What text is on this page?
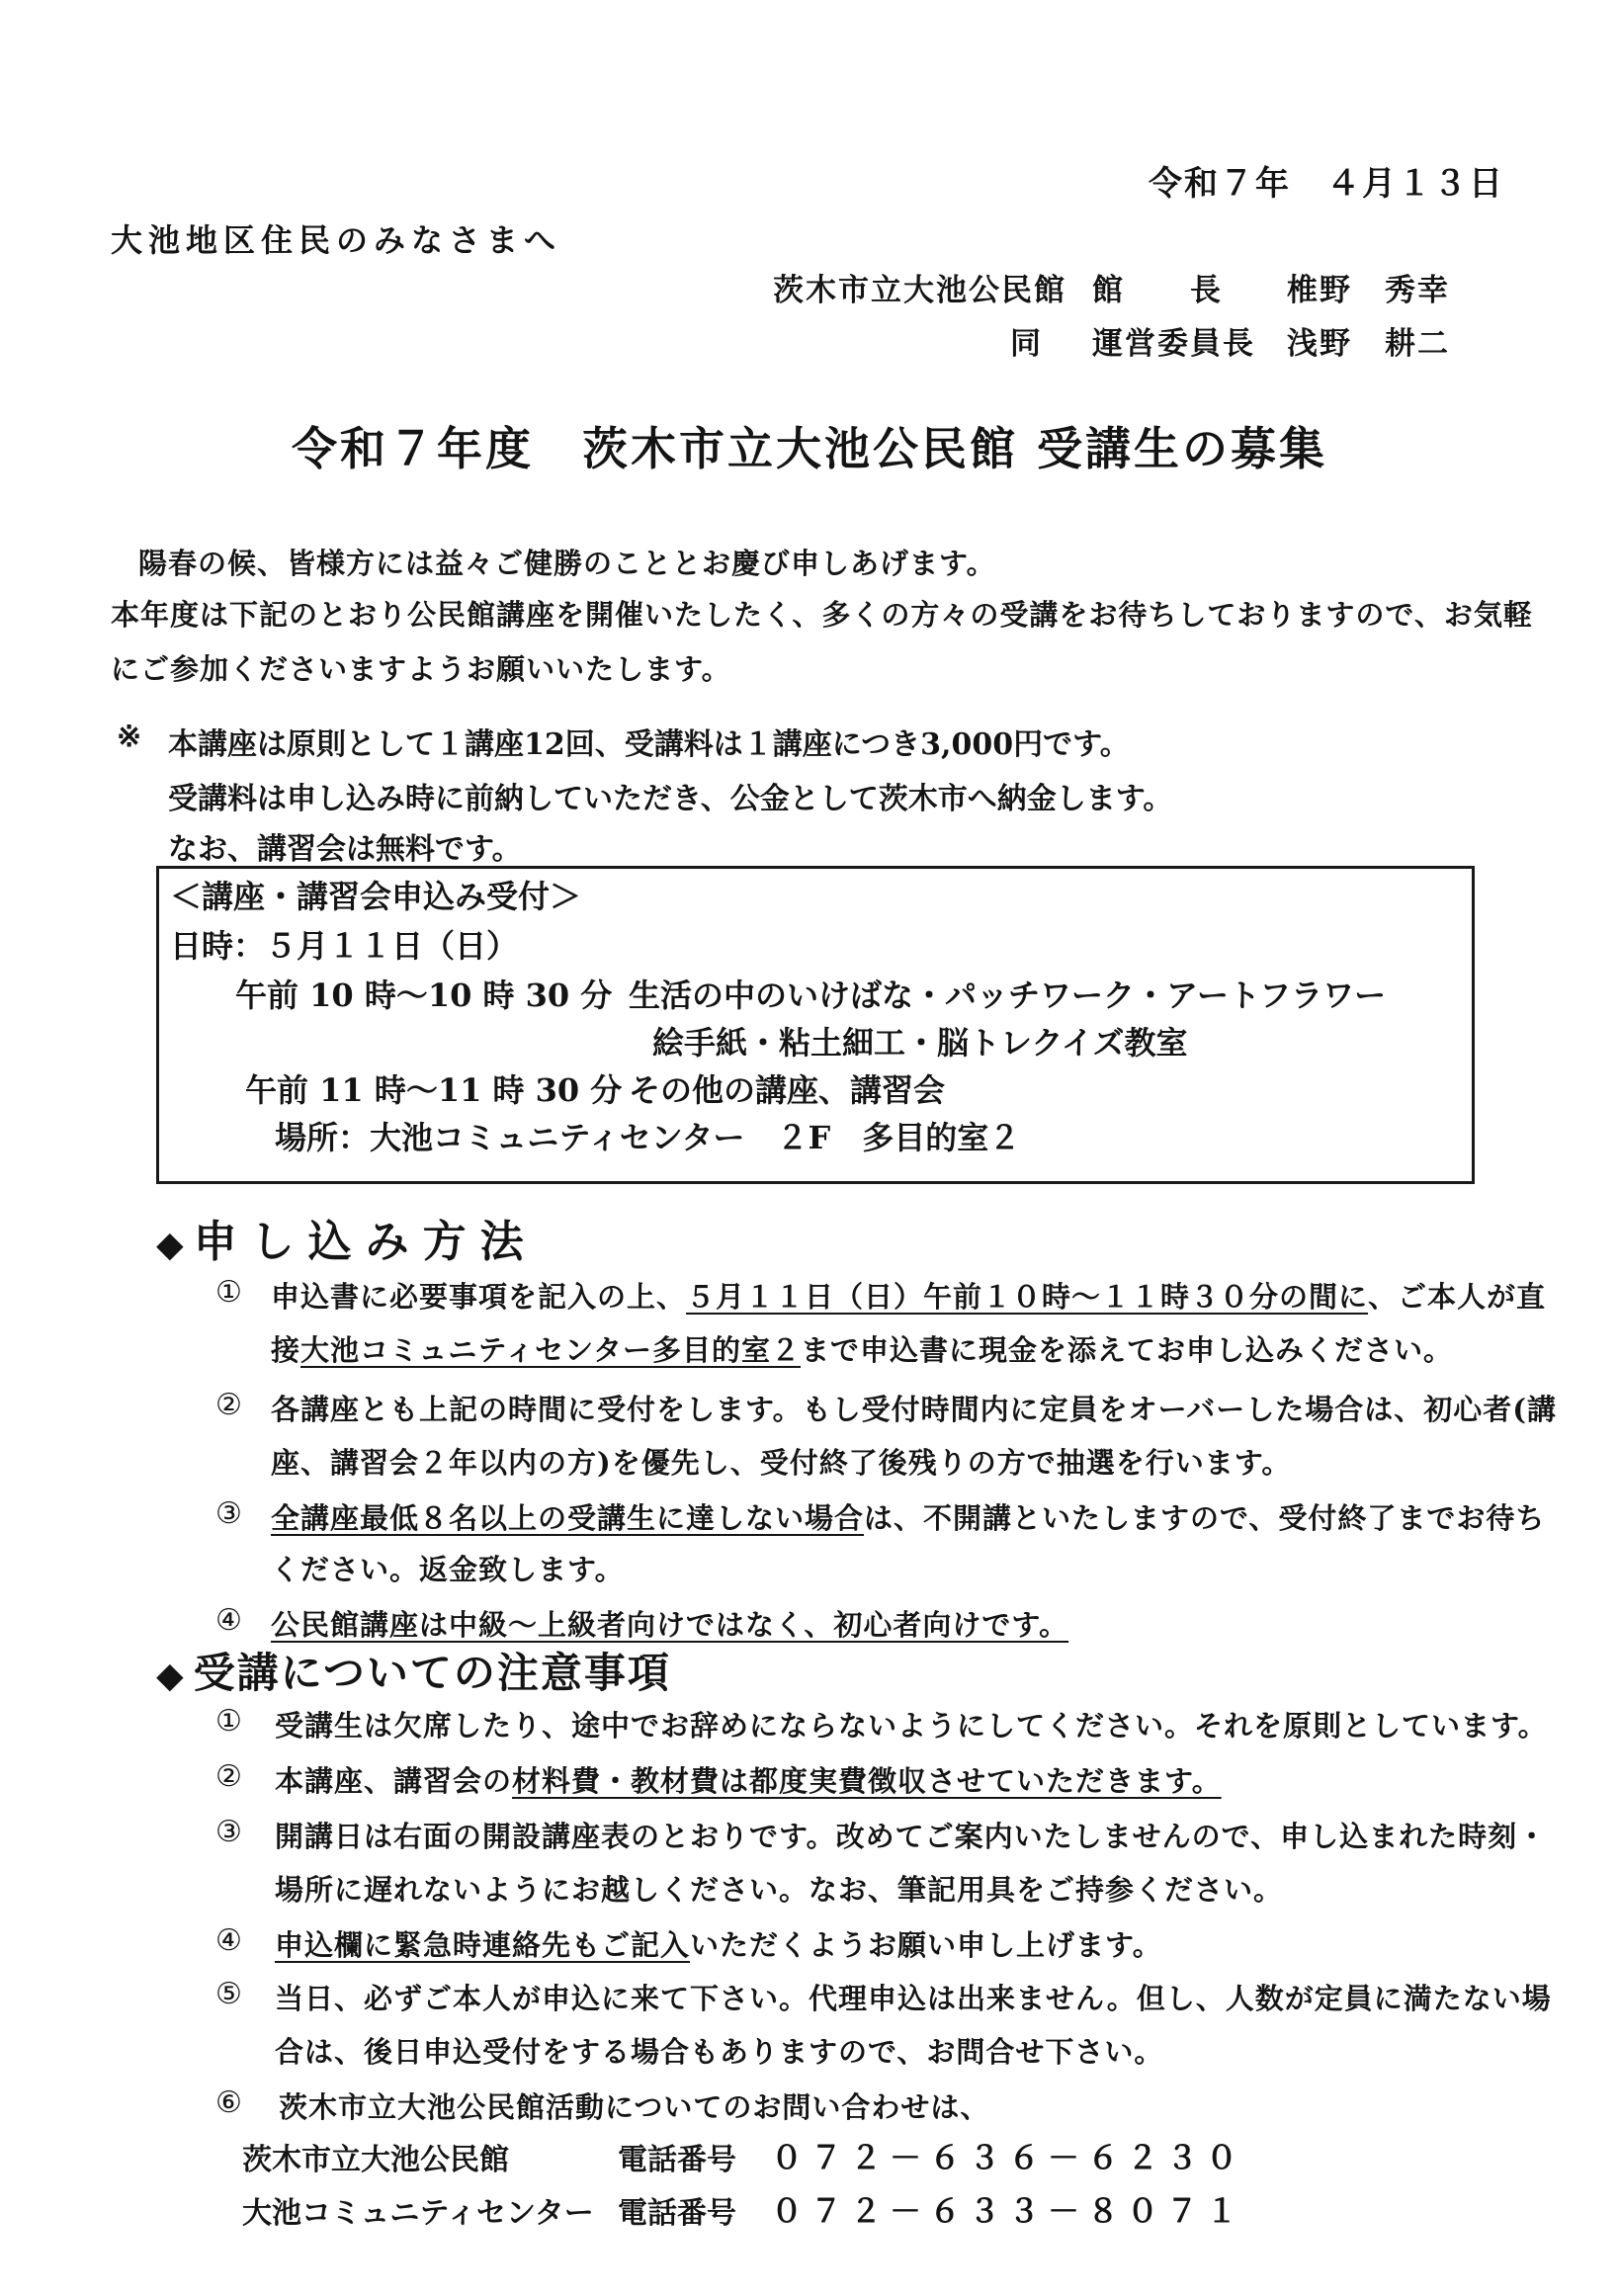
令和７年　４月１３日
大池地区住民のみなさまへ
茨木市立大池公民館 館　　長 椎野　秀幸
同 運営委員長 浅野　耕二
令和７年度　茨木市立大池公民館 受講生の募集
陽春の候、皆様方には益々ご健勝のこととお慶び申しあげます。
本年度は下記のとおり公民館講座を開催いたしたく、多くの方々の受講をお待ちしておりますので、お気軽
にご参加くださいますようお願いいたします。
※ 本講座は原則として１講座12回、受講料は１講座につき3,000円です。
受講料は申し込み時に前納していただき、公金として茨木市へ納金します。
なお、講習会は無料です。
＜講座・講習会申込み受付＞
日時：５月１１日（日）
午前 10 時～10 時 30 分 生活の中のいけばな・パッチワーク・アートフラワー
絵手紙・粘土細工・脳トレクイズ教室
午前 11 時～11 時 30 分 その他の講座、講習会
場所：大池コミュニティセンター　２F　多目的室２
◆ 申し込み方法
① 申込書に必要事項を記入の上、５月１１日（日）午前１０時～１１時３０分の間に、ご本人が直
接大池コミュニティセンター多目的室２まで申込書に現金を添えてお申し込みください。
② 各講座とも上記の時間に受付をします。もし受付時間内に定員をオーバーした場合は、初心者(講
座、講習会２年以内の方)を優先し、受付終了後残りの方で抽選を行います。
③ 全講座最低８名以上の受講生に達しない場合は、不開講といたしますので、受付終了までお待ち
ください。返金致します。
④ 公民館講座は中級～上級者向けではなく、初心者向けです。
◆ 受講についての注意事項
① 受講生は欠席したり、途中でお辞めにならないようにしてください。それを原則としています。
② 本講座、講習会の材料費・教材費は都度実費徴収させていただきます。
③ 開講日は右面の開設講座表のとおりです。改めてご案内いたしませんので、申し込まれた時刻・
場所に遅れないようにお越しください。なお、筆記用具をご持参ください。
④ 申込欄に緊急時連絡先もご記入いただくようお願い申し上げます。
⑤ 当日、必ずご本人が申込に来て下さい。代理申込は出来ません。但し、人数が定員に満たない場
合は、後日申込受付をする場合もありますので、お問合せ下さい。
⑥ 茨木市立大池公民館活動についてのお問い合わせは、
茨木市立大池公民館	電話番号 ０７２－６３６－６２３０
大池コミュニティセンター 電話番号 ０７２－６３３－８０７１
